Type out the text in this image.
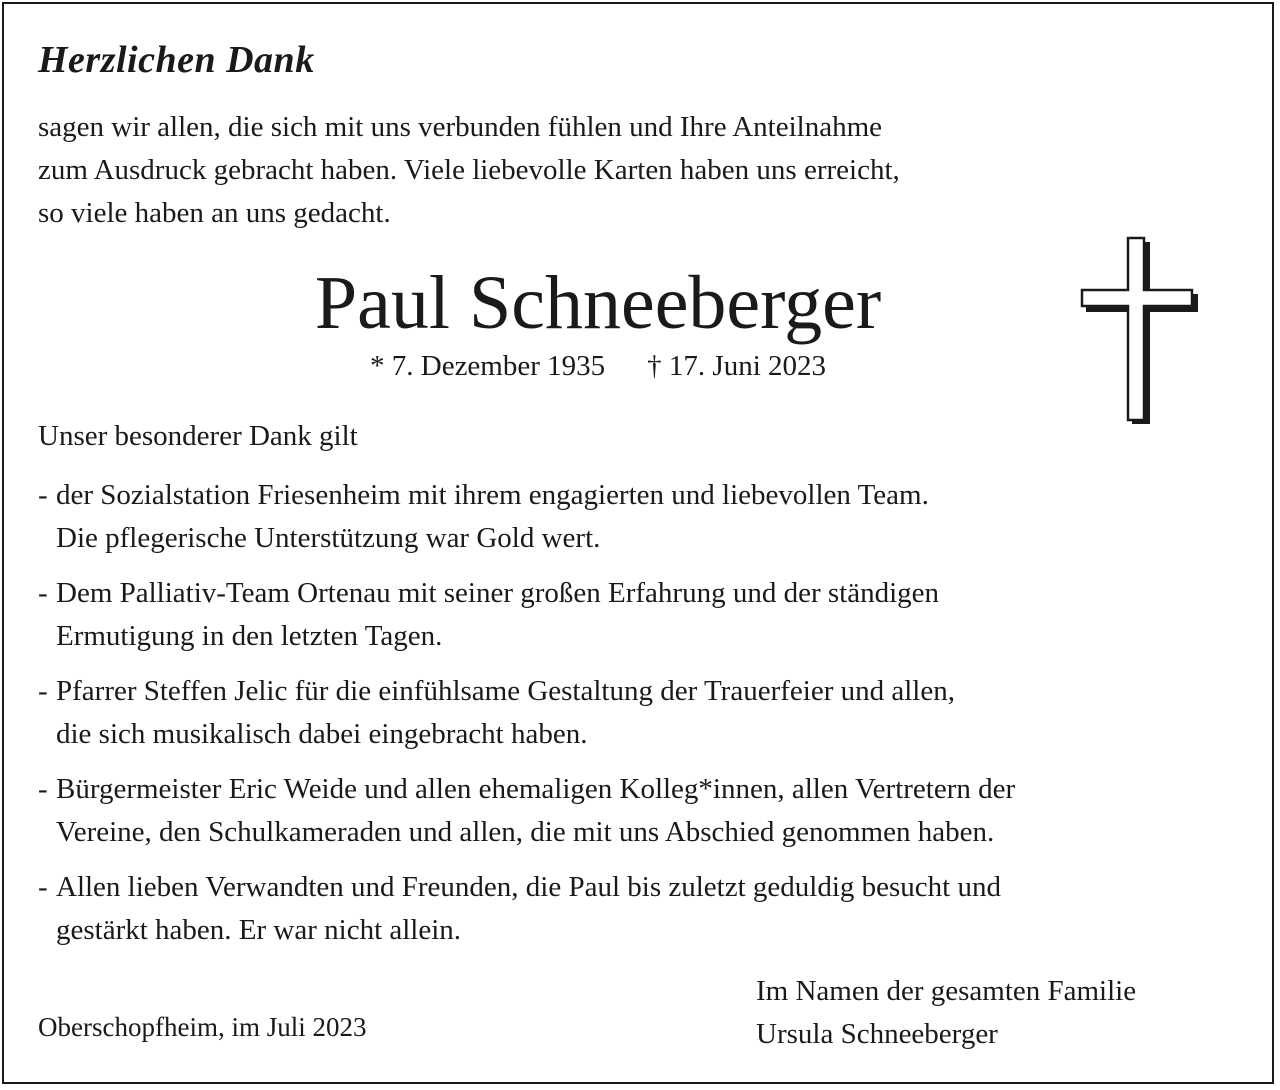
Herzlichen Dank
sagen wir allen, die sich mit uns verbunden fühlen und Ihre Anteilnahme
zum Ausdruck gebracht haben. Viele liebevolle Karten haben uns erreicht,
so viele haben an uns gedacht.
Paul Schneeberger
* 7. Dezember 1935 † 17. Juni 2023
Unser besonderer Dank gilt
- der Sozialstation Friesenheim mit ihrem engagierten und liebevollen Team.
Die pflegerische Unterstützung war Gold wert.
- Dem Palliativ-Team Ortenau mit seiner großen Erfahrung und der ständigen
Ermutigung in den letzten Tagen.
- Pfarrer Steffen Jelic für die einfühlsame Gestaltung der Trauerfeier und allen,
die sich musikalisch dabei eingebracht haben.
- Bürgermeister Eric Weide und allen ehemaligen Kolleg*innen, allen Vertretern der
Vereine, den Schulkameraden und allen, die mit uns Abschied genommen haben.
- Allen lieben Verwandten und Freunden, die Paul bis zuletzt geduldig besucht und
gestärkt haben. Er war nicht allein.
Im Namen der gesamten Familie
Ursula Schneeberger
Oberschopfheim, im Juli 2023
